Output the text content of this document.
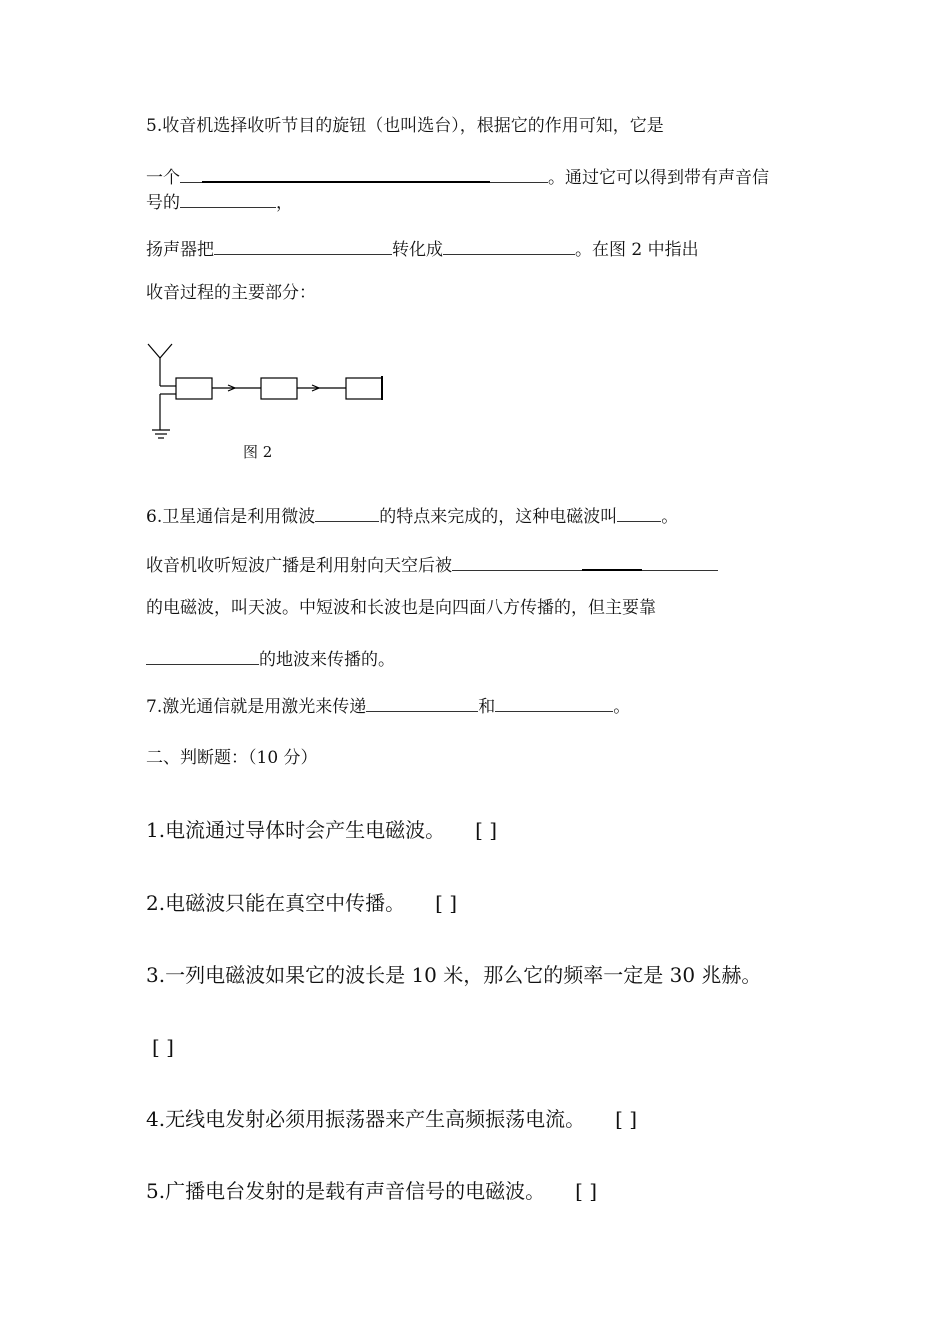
5.收音机选择收听节目的旋钮（也叫选台），根据它的作用可知，它是
一个	。通过它可以得到带有声音信
号的	，
扬声器把	转化成	。在图 2 中指出
收音过程的主要部分：
图 2
6.卫星通信是利用微波	的特点来完成的，这种电磁波叫	。
收音机收听短波广播是利用射向天空后被
的电磁波，叫天波。中短波和长波也是向四面八方传播的，但主要靠
的地波来传播的。
7.激光通信就是用激光来传递	和	。
二、判断题：（10 分）
1.电流通过导体时会产生电磁波。 [ ]
2.电磁波只能在真空中传播。 [ ]
3.一列电磁波如果它的波长是 10 米，那么它的频率一定是 30 兆赫。
[ ]
4.无线电发射必须用振荡器来产生高频振荡电流。 [ ]
5.广播电台发射的是载有声音信号的电磁波。 [ ]
